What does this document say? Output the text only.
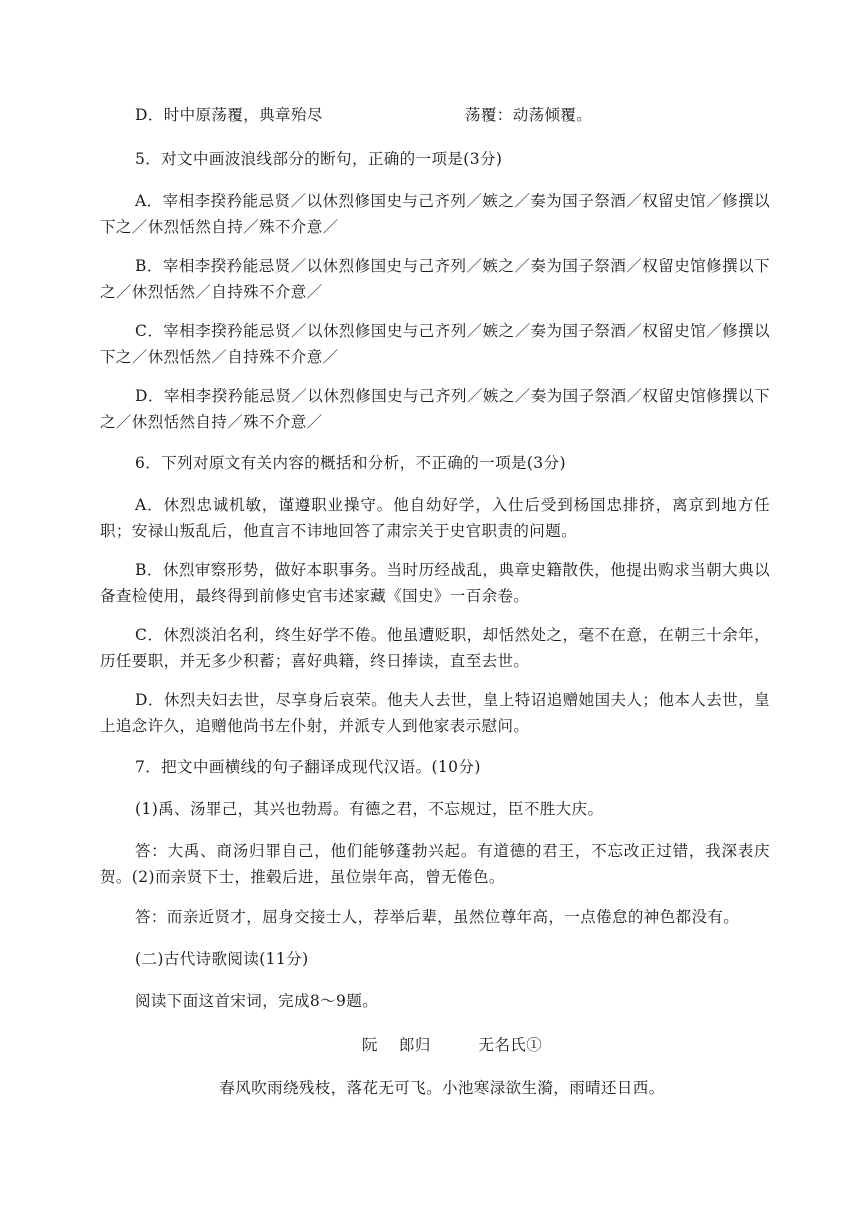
D．时中原荡覆，典章殆尽	荡覆：动荡倾覆。

5．对文中画波浪线部分的断句，正确的一项是(3分)

A．宰相李揆矜能忌贤／以休烈修国史与己齐列／嫉之／奏为国子祭酒／权留史馆／修撰以下之／休烈恬然自持／殊不介意／

B．宰相李揆矜能忌贤／以休烈修国史与己齐列／嫉之／奏为国子祭酒／权留史馆修撰以下之／休烈恬然／自持殊不介意／

C．宰相李揆矜能忌贤／以休烈修国史与己齐列／嫉之／奏为国子祭酒／权留史馆／修撰以下之／休烈恬然／自持殊不介意／

D．宰相李揆矜能忌贤／以休烈修国史与己齐列／嫉之／奏为国子祭酒／权留史馆修撰以下之／休烈恬然自持／殊不介意／

6．下列对原文有关内容的概括和分析，不正确的一项是(3分)

A．休烈忠诚机敏，谨遵职业操守。他自幼好学，入仕后受到杨国忠排挤，离京到地方任职；安禄山叛乱后，他直言不讳地回答了肃宗关于史官职责的问题。

B．休烈审察形势，做好本职事务。当时历经战乱，典章史籍散佚，他提出购求当朝大典以备查检使用，最终得到前修史官韦述家藏《国史》一百余卷。

C．休烈淡泊名利，终生好学不倦。他虽遭贬职，却恬然处之，毫不在意，在朝三十余年，历任要职，并无多少积蓄；喜好典籍，终日捧读，直至去世。

D．休烈夫妇去世，尽享身后哀荣。他夫人去世，皇上特诏追赠她国夫人；他本人去世，皇上追念许久，追赠他尚书左仆射，并派专人到他家表示慰问。

7．把文中画横线的句子翻译成现代汉语。(10分)

(1)禹、汤罪己，其兴也勃焉。有德之君，不忘规过，臣不胜大庆。

答：大禹、商汤归罪自己，他们能够蓬勃兴起。有道德的君王，不忘改正过错，我深表庆贺。(2)而亲贤下士，推毂后进，虽位崇年高，曾无倦色。

答：而亲近贤才，屈身交接士人，荐举后辈，虽然位尊年高，一点倦怠的神色都没有。

(二)古代诗歌阅读(11分)

阅读下面这首宋词，完成8～9题。

阮　 郎归　　　无名氏①
春风吹雨绕残枝，落花无可飞。小池寒渌欲生漪，雨晴还日西。
